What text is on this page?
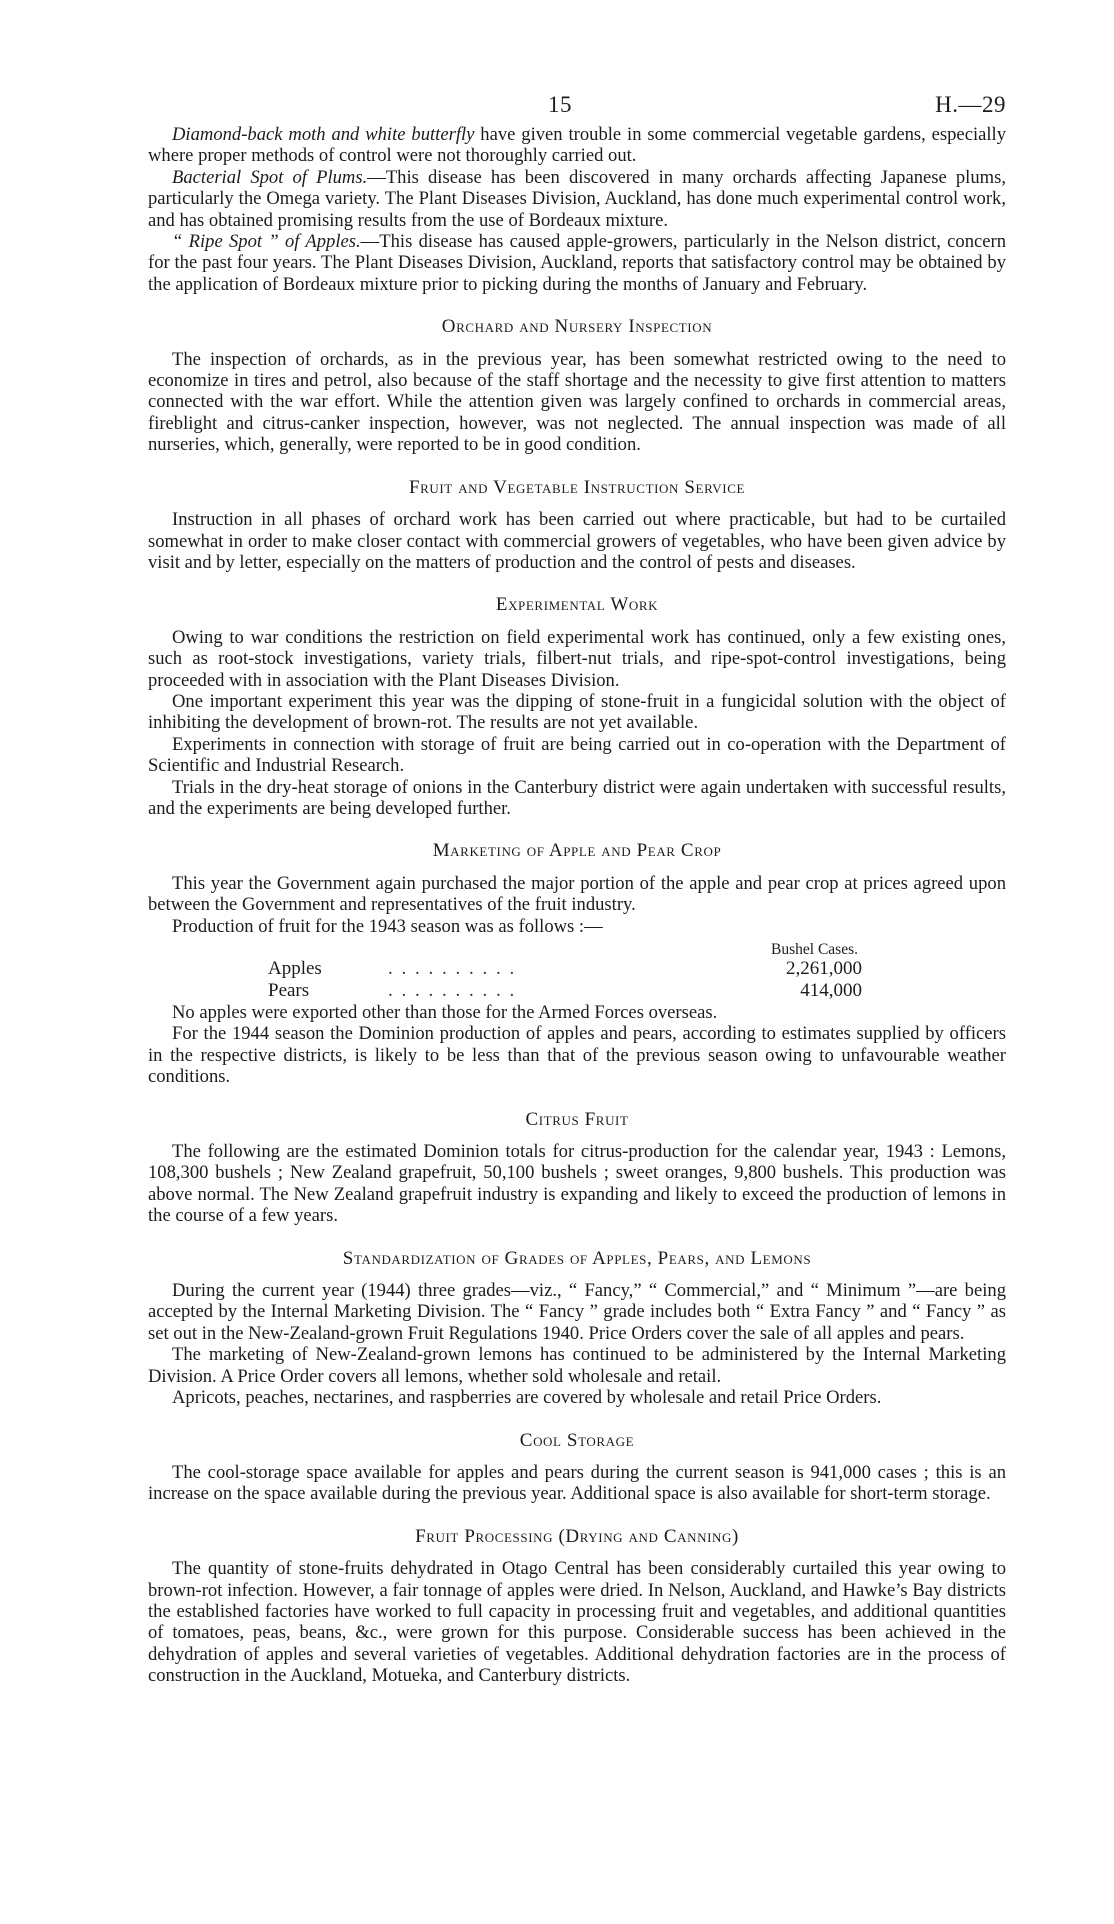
15	H.—29

Diamond-back moth and white butterfly have given trouble in some commercial vegetable gardens, especially where proper methods of control were not thoroughly carried out.

Bacterial Spot of Plums.—This disease has been discovered in many orchards affecting Japanese plums, particularly the Omega variety. The Plant Diseases Division, Auckland, has done much experimental control work, and has obtained promising results from the use of Bordeaux mixture.

“ Ripe Spot ” of Apples.—This disease has caused apple-growers, particularly in the Nelson district, concern for the past four years. The Plant Diseases Division, Auckland, reports that satisfactory control may be obtained by the application of Bordeaux mixture prior to picking during the months of January and February.

Orchard and Nursery Inspection

The inspection of orchards, as in the previous year, has been somewhat restricted owing to the need to economize in tires and petrol, also because of the staff shortage and the necessity to give first attention to matters connected with the war effort. While the attention given was largely confined to orchards in commercial areas, fireblight and citrus-canker inspection, however, was not neglected. The annual inspection was made of all nurseries, which, generally, were reported to be in good condition.

Fruit and Vegetable Instruction Service

Instruction in all phases of orchard work has been carried out where practicable, but had to be curtailed somewhat in order to make closer contact with commercial growers of vegetables, who have been given advice by visit and by letter, especially on the matters of production and the control of pests and diseases.

Experimental Work

Owing to war conditions the restriction on field experimental work has continued, only a few existing ones, such as root-stock investigations, variety trials, filbert-nut trials, and ripe-spot-control investigations, being proceeded with in association with the Plant Diseases Division.

One important experiment this year was the dipping of stone-fruit in a fungicidal solution with the object of inhibiting the development of brown-rot. The results are not yet available.

Experiments in connection with storage of fruit are being carried out in co-operation with the Department of Scientific and Industrial Research.

Trials in the dry-heat storage of onions in the Canterbury district were again undertaken with successful results, and the experiments are being developed further.

Marketing of Apple and Pear Crop

This year the Government again purchased the major portion of the apple and pear crop at prices agreed upon between the Government and representatives of the fruit industry.

Production of fruit for the 1943 season was as follows :—

Bushel Cases.
Apples	. . . . . . . . . .	2,261,000
Pears	. . . . . . . . . .	414,000

No apples were exported other than those for the Armed Forces overseas.

For the 1944 season the Dominion production of apples and pears, according to estimates supplied by officers in the respective districts, is likely to be less than that of the previous season owing to unfavourable weather conditions.

Citrus Fruit

The following are the estimated Dominion totals for citrus-production for the calendar year, 1943 : Lemons, 108,300 bushels ; New Zealand grapefruit, 50,100 bushels ; sweet oranges, 9,800 bushels. This production was above normal. The New Zealand grapefruit industry is expanding and likely to exceed the production of lemons in the course of a few years.

Standardization of Grades of Apples, Pears, and Lemons

During the current year (1944) three grades—viz., “ Fancy,” “ Commercial,” and “ Minimum ”—are being accepted by the Internal Marketing Division. The “ Fancy ” grade includes both “ Extra Fancy ” and “ Fancy ” as set out in the New-Zealand-grown Fruit Regulations 1940. Price Orders cover the sale of all apples and pears.

The marketing of New-Zealand-grown lemons has continued to be administered by the Internal Marketing Division. A Price Order covers all lemons, whether sold wholesale and retail.

Apricots, peaches, nectarines, and raspberries are covered by wholesale and retail Price Orders.

Cool Storage

The cool-storage space available for apples and pears during the current season is 941,000 cases ; this is an increase on the space available during the previous year. Additional space is also available for short-term storage.

Fruit Processing (Drying and Canning)

The quantity of stone-fruits dehydrated in Otago Central has been considerably curtailed this year owing to brown-rot infection. However, a fair tonnage of apples were dried. In Nelson, Auckland, and Hawke’s Bay districts the established factories have worked to full capacity in processing fruit and vegetables, and additional quantities of tomatoes, peas, beans, &c., were grown for this purpose. Considerable success has been achieved in the dehydration of apples and several varieties of vegetables. Additional dehydration factories are in the process of construction in the Auckland, Motueka, and Canterbury districts.
